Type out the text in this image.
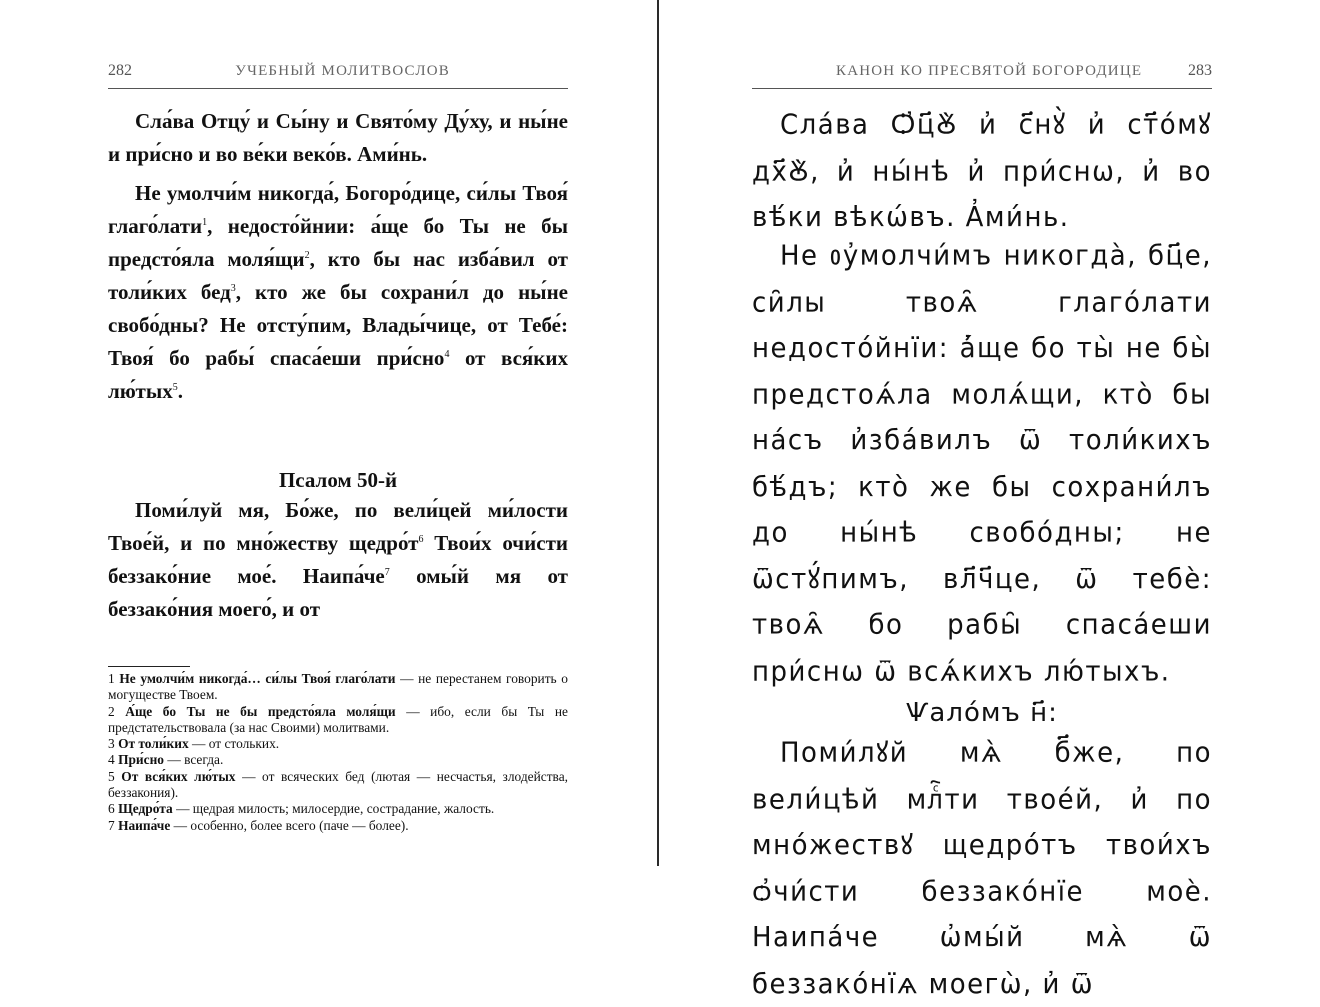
282	УЧЕБНЫЙ МОЛИТВОСЛОВ

Сла́ва Отцу́ и Сы́ну и Свято́му Ду́ху, и ны́не и при́сно и во ве́ки веко́в. Ами́нь.

Не умолчи́м никогда́, Богоро́дице, си́лы Твоя́ глаго́лати$^1$, недосто́йнии: а́ще бо Ты не бы предсто́яла $моля́щи^2$, кто бы нас изба́вил от толи́ких бед$^3$, кто же бы сохрани́л до ны́не свобо́дны? Не отсту́пим, Влады́чице, от Тебе́: Твоя́ бо рабы́ спаса́еши при́сно$^4$ от вся́ких лю́тых$^5$.

Псалом 50-й

Поми́луй мя, Бо́же, по вели́цей ми́лости Твое́й, и по мно́жеству $щедро́т^6$ Твои́х очи́сти беззако́ние мое́. $Наипа́че^7$ омы́й мя от беззако́ния моего́, и от

1 Не умолчи́м никогда́… си́лы Твоя́ глаго́лати — не перестанем говорить о могуществе Твоем.

2 А́ще бо Ты не бы предсто́яла моля́щи — ибо, если бы Ты не предстательствовала (за нас Своими) молитвами.

3 От толи́ких — от стольких.

4 При́сно — всегда.

5 От вся́ких лю́тых — от всяческих бед (лютая — несчастья, злодейства, беззакония).

6 Щедро́та — щедрая милость; милосердие, сострадание, жалость.

7 Наипа́че — особенно, более всего (паче — более).

КАНОН КО ПРЕСВЯТОЙ БОГОРОДИЦЕ	283

Сла́ва Ѻ҆ц҃Ꙋ̀ и҆ с҃нꙋ̀ и҆ ст҃о́мꙋ дх҃Ꙋ̀, и҆ ны́нѣ и҆ при́снѡ, и҆ во вѣ́ки вѣкѡ́въ. А҆ми́нь.

Не ᲂу҆молчи́мъ никогда̀, бц҃е, си̑лы твоѧ̑ глаго́лати недосто́йнїи: а҆́ще бо ты̀ не бы̀ предстоѧ́ла молѧ́щи, кто̀ бы на́съ и҆зба́вилъ ѿ толи́кихъ бѣ́дъ; кто̀ же бы сохрани́лъ до ны́нѣ свобо́дны; не ѿстꙋ́пимъ, вл҃ч҃це, ѿ тебѐ: твоѧ̑ бо рабы̑ спаса́еши при́снѡ ѿ всѧ́кихъ лю́тыхъ.

Ѱало́мъ н҃:

Поми́лꙋй мѧ̀ б҃же, по вели́цѣй млⷭ҇ти твое́й, и҆ по мно́жествꙋ щедро́тъ твои́хъ ѻ҆чи́сти беззако́нїе моѐ. Наипа́че ѡ҆мы́й мѧ̀ ѿ беззако́нїѧ моегѡ̀, и҆ ѿ
